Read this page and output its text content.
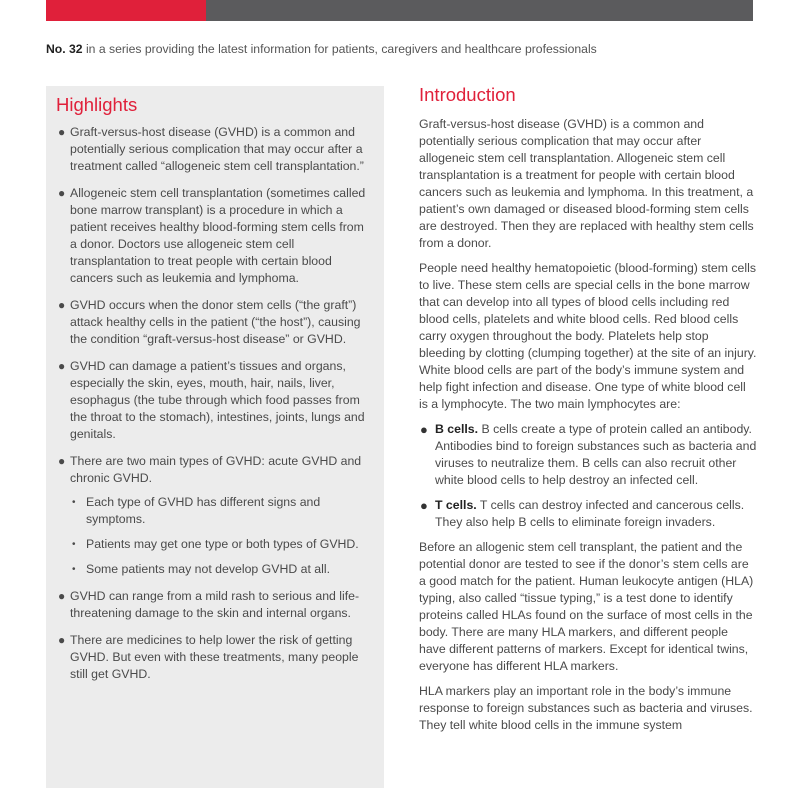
No. 32 in a series providing the latest information for patients, caregivers and healthcare professionals
Highlights
● Graft-versus-host disease (GVHD) is a common and potentially serious complication that may occur after a treatment called “allogeneic stem cell transplantation.”
● Allogeneic stem cell transplantation (sometimes called bone marrow transplant) is a procedure in which a patient receives healthy blood-forming stem cells from a donor. Doctors use allogeneic stem cell transplantation to treat people with certain blood cancers such as leukemia and lymphoma.
● GVHD occurs when the donor stem cells (“the graft”) attack healthy cells in the patient (“the host”), causing the condition “graft-versus-host disease” or GVHD.
● GVHD can damage a patient’s tissues and organs, especially the skin, eyes, mouth, hair, nails, liver, esophagus (the tube through which food passes from the throat to the stomach), intestines, joints, lungs and genitals.
● There are two main types of GVHD: acute GVHD and chronic GVHD.
• Each type of GVHD has different signs and symptoms.
• Patients may get one type or both types of GVHD.
• Some patients may not develop GVHD at all.
● GVHD can range from a mild rash to serious and life-threatening damage to the skin and internal organs.
● There are medicines to help lower the risk of getting GVHD. But even with these treatments, many people still get GVHD.
Introduction

Graft-versus-host disease (GVHD) is a common and potentially serious complication that may occur after allogeneic stem cell transplantation. Allogeneic stem cell transplantation is a treatment for people with certain blood cancers such as leukemia and lymphoma. In this treatment, a patient’s own damaged or diseased blood-forming stem cells are destroyed. Then they are replaced with healthy stem cells from a donor.

People need healthy hematopoietic (blood-forming) stem cells to live. These stem cells are special cells in the bone marrow that can develop into all types of blood cells including red blood cells, platelets and white blood cells. Red blood cells carry oxygen throughout the body. Platelets help stop bleeding by clotting (clumping together) at the site of an injury. White blood cells are part of the body’s immune system and help fight infection and disease. One type of white blood cell is a lymphocyte. The two main lymphocytes are:

● B cells. B cells create a type of protein called an antibody. Antibodies bind to foreign substances such as bacteria and viruses to neutralize them. B cells can also recruit other white blood cells to help destroy an infected cell.
● T cells. T cells can destroy infected and cancerous cells. They also help B cells to eliminate foreign invaders.

Before an allogenic stem cell transplant, the patient and the potential donor are tested to see if the donor’s stem cells are a good match for the patient. Human leukocyte antigen (HLA) typing, also called “tissue typing,” is a test done to identify proteins called HLAs found on the surface of most cells in the body. There are many HLA markers, and different people have different patterns of markers. Except for identical twins, everyone has different HLA markers.

HLA markers play an important role in the body’s immune response to foreign substances such as bacteria and viruses. They tell white blood cells in the immune system
